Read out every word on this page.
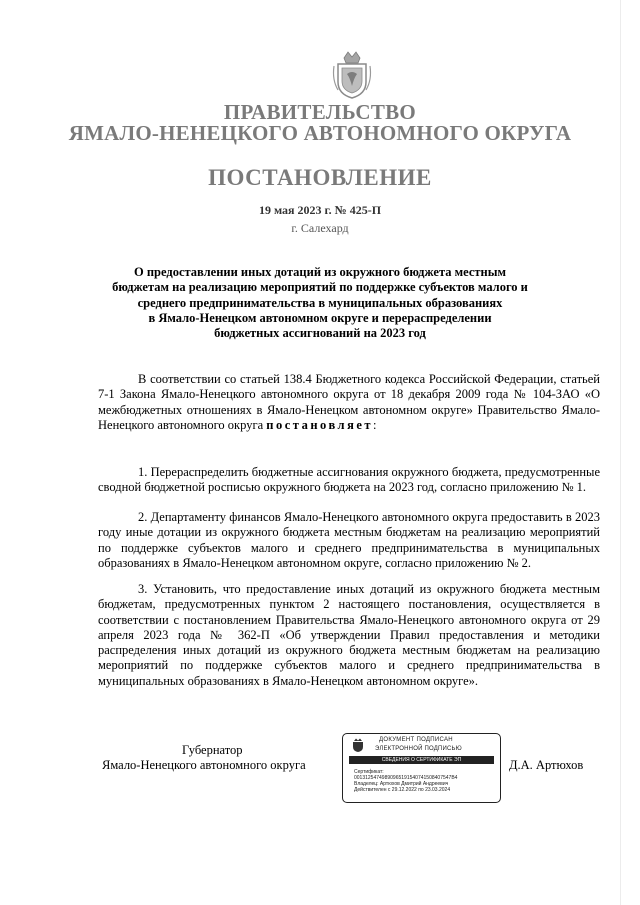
ПРАВИТЕЛЬСТВО
ЯМАЛО-НЕНЕЦКОГО АВТОНОМНОГО ОКРУГА
ПОСТАНОВЛЕНИЕ
19 мая 2023 г. № 425-П
г. Салехард
О предоставлении иных дотаций из окружного бюджета местным
бюджетам на реализацию мероприятий по поддержке субъектов малого и
среднего предпринимательства в муниципальных образованиях
в Ямало-Ненецком автономном округе и перераспределении
бюджетных ассигнований на 2023 год

В соответствии со статьей 138.4 Бюджетного кодекса Российской Федерации, статьей 7-1 Закона Ямало-Ненецкого автономного округа от 18 декабря 2009 года № 104-ЗАО «О межбюджетных отношениях в Ямало-Ненецком автономном округе» Правительство Ямало-Ненецкого автономного округа постановляет:

1. Перераспределить бюджетные ассигнования окружного бюджета, предусмотренные сводной бюджетной росписью окружного бюджета на 2023 год, согласно приложению № 1.

2. Департаменту финансов Ямало-Ненецкого автономного округа предоставить в 2023 году иные дотации из окружного бюджета местным бюджетам на реализацию мероприятий по поддержке субъектов малого и среднего предпринимательства в муниципальных образованиях в Ямало-Ненецком автономном округе, согласно приложению № 2.

3. Установить, что предоставление иных дотаций из окружного бюджета местным бюджетам, предусмотренных пунктом 2 настоящего постановления, осуществляется в соответствии с постановлением Правительства Ямало-Ненецкого автономного округа от 29 апреля 2023 года № 362-П «Об утверждении Правил предоставления и методики распределения иных дотаций из окружного бюджета местным бюджетам на реализацию мероприятий по поддержке субъектов малого и среднего предпринимательства в муниципальных образованиях в Ямало-Ненецком автономном округе».

Губернатор
Ямало-Ненецкого автономного округа	Д.А. Артюхов
ДОКУМЕНТ ПОДПИСАН
ЭЛЕКТРОННОЙ ПОДПИСЬЮ
СВЕДЕНИЯ О СЕРТИФИКАТЕ ЭП
Сертификат:
00131254749890965191540741508407547B4
Владелец: Артюхов Дмитрий Андреевич
Действителен с 29.12.2022 по 23.03.2024
